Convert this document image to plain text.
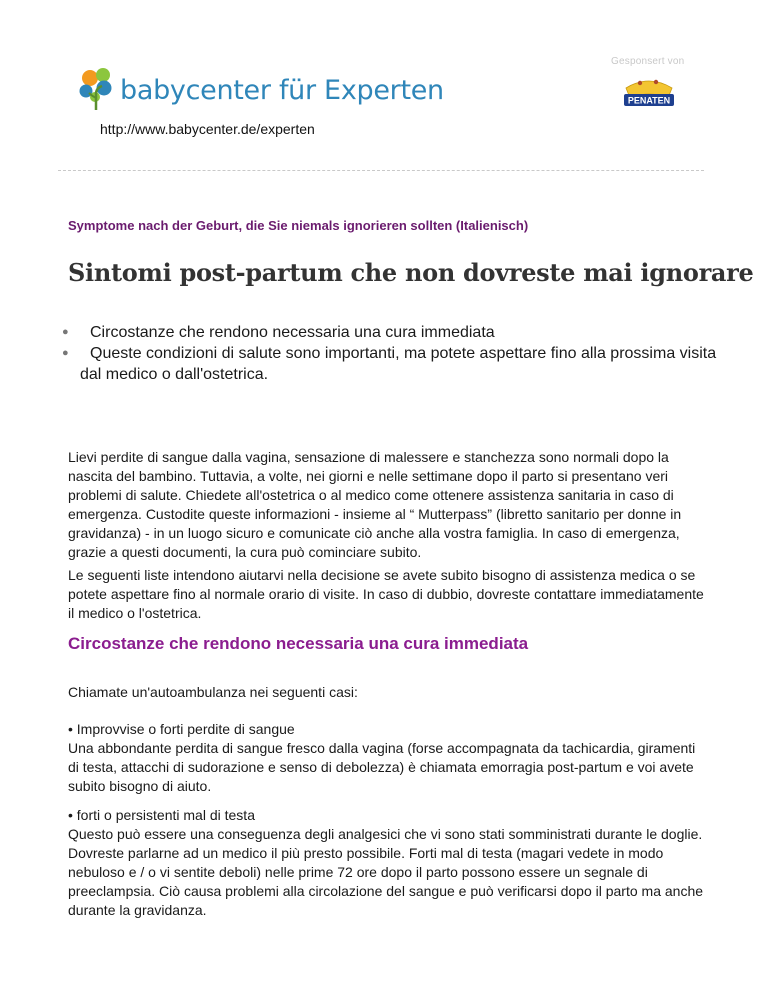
Gesponsert von
PENATEN
babycenter für Experten
http://www.babycenter.de/experten
Symptome nach der Geburt, die Sie niemals ignorieren sollten (Italienisch)
Sintomi post-partum che non dovreste mai ignorare
●	Circostanze che rendono necessaria una cura immediata
●	Queste condizioni di salute sono importanti, ma potete aspettare fino alla prossima visita dal medico o dall'ostetrica.

Lievi perdite di sangue dalla vagina, sensazione di malessere e stanchezza sono normali dopo la nascita del bambino. Tuttavia, a volte, nei giorni e nelle settimane dopo il parto si presentano veri problemi di salute. Chiedete all'ostetrica o al medico come ottenere assistenza sanitaria in caso di emergenza. Custodite queste informazioni - insieme al “ Mutterpass” (libretto sanitario per donne in gravidanza) - in un luogo sicuro e comunicate ciò anche alla vostra famiglia. In caso di emergenza, grazie a questi documenti, la cura può cominciare subito.

Le seguenti liste intendono aiutarvi nella decisione se avete subito bisogno di assistenza medica o se potete aspettare fino al normale orario di visite. In caso di dubbio, dovreste contattare immediatamente il medico o l'ostetrica.

Circostanze che rendono necessaria una cura immediata

Chiamate un'autoambulanza nei seguenti casi:

• Improvvise o forti perdite di sangue
Una abbondante perdita di sangue fresco dalla vagina (forse accompagnata da tachicardia, giramenti di testa, attacchi di sudorazione e senso di debolezza) è chiamata emorragia post-partum e voi avete subito bisogno di aiuto.
• forti o persistenti mal di testa
Questo può essere una conseguenza degli analgesici che vi sono stati somministrati durante le doglie. Dovreste parlarne ad un medico il più presto possibile. Forti mal di testa (magari vedete in modo nebuloso e / o vi sentite deboli) nelle prime 72 ore dopo il parto possono essere un segnale di preeclampsia. Ciò causa problemi alla circolazione del sangue e può verificarsi dopo il parto ma anche durante la gravidanza.
